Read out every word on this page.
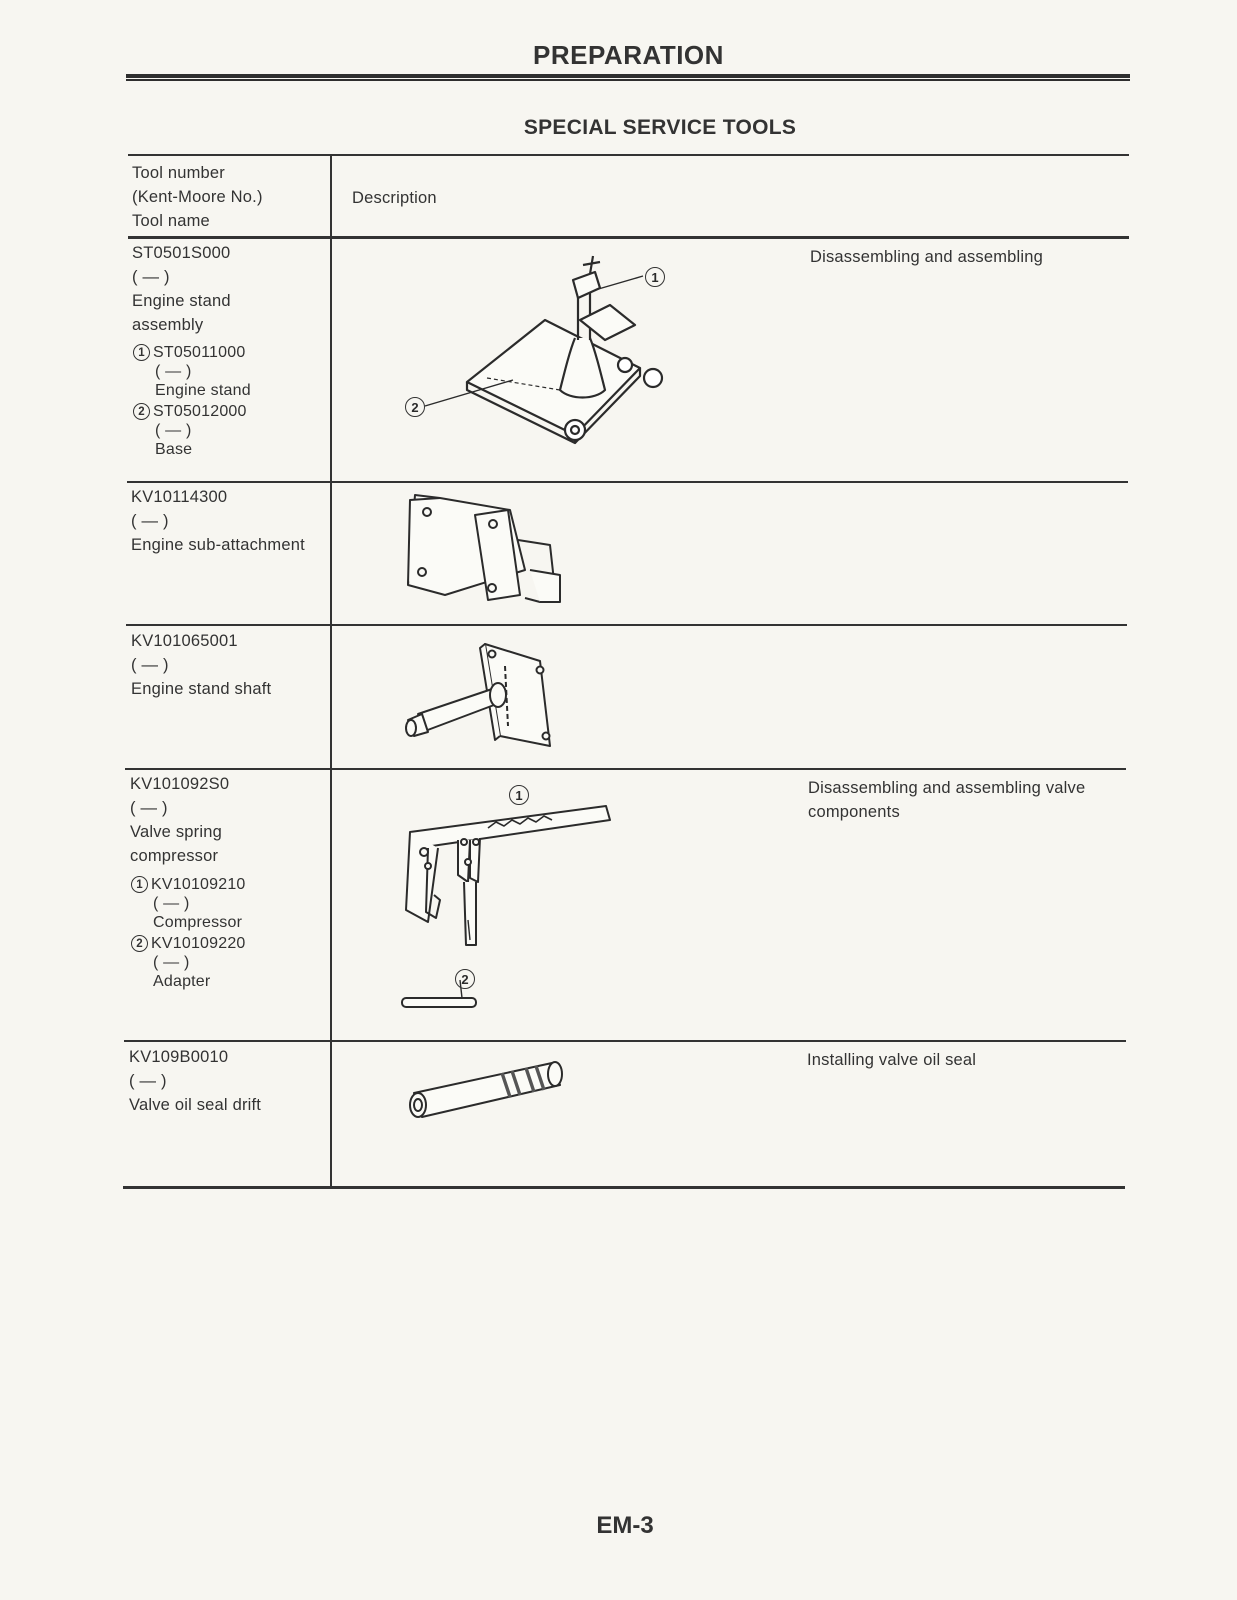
PREPARATION
SPECIAL SERVICE TOOLS
Tool number
(Kent-Moore No.)
Tool name
Description
ST0501S000
( — )
Engine stand
assembly
1 ST05011000
( — )
Engine stand
2 ST05012000
( — )
Base
Disassembling and assembling
1
2
KV10114300
( — )
Engine sub-attachment
KV101065001
( — )
Engine stand shaft
KV101092S0
( — )
Valve spring
compressor
1 KV10109210
( — )
Compressor
2 KV10109220
( — )
Adapter
Disassembling and assembling valve
components
1
2
KV109B0010
( — )
Valve oil seal drift
Installing valve oil seal
EM-3
